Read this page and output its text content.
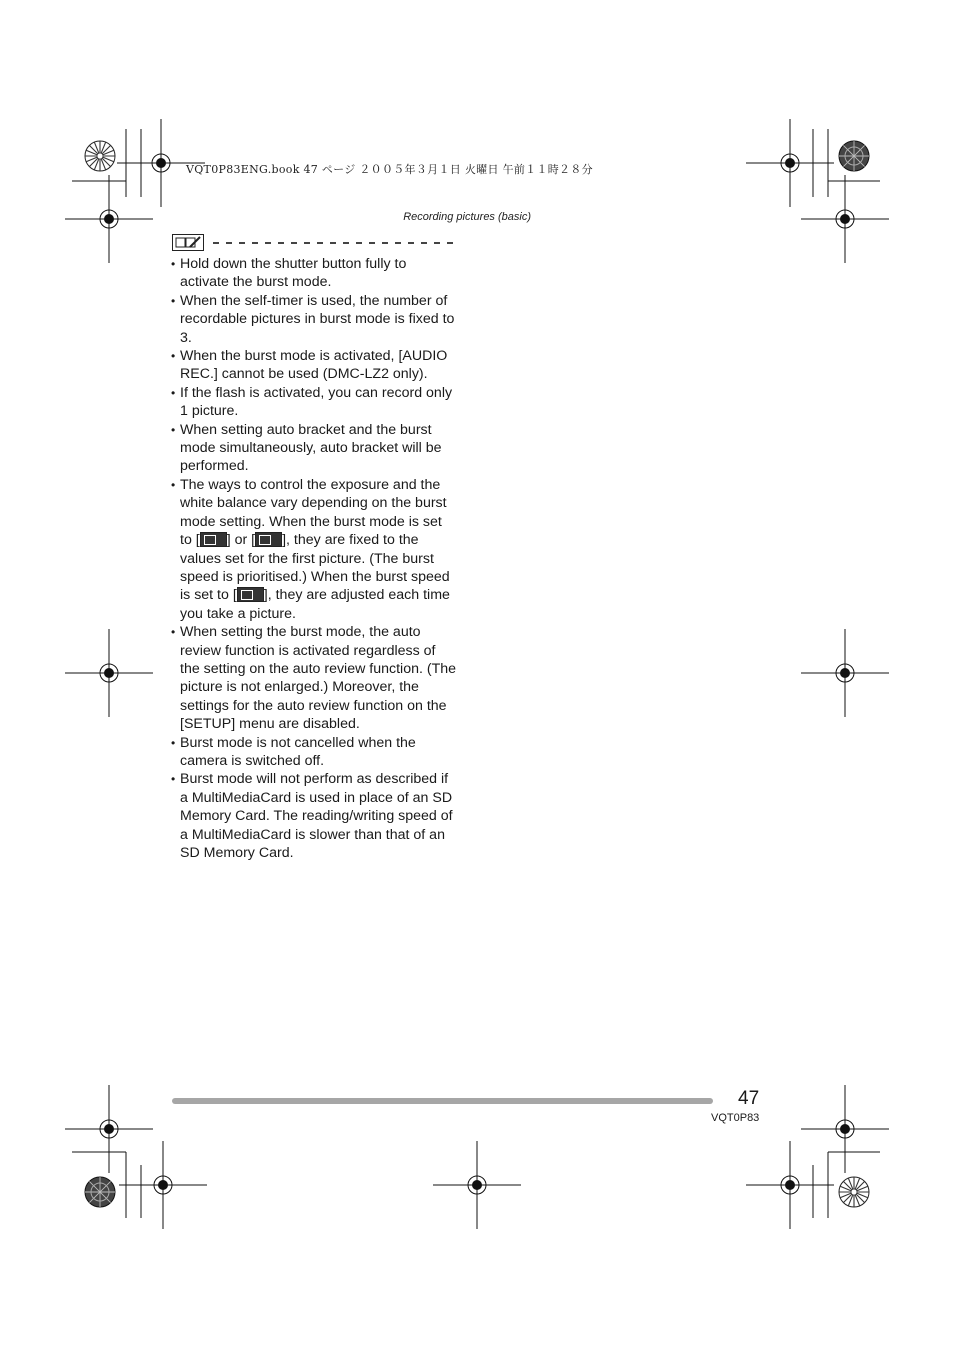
VQT0P83ENG.book 47 ページ ２００５年３月１日 火曜日 午前１１時２８分
Recording pictures (basic)
• Hold down the shutter button fully to activate the burst mode.
• When the self-timer is used, the number of recordable pictures in burst mode is fixed to 3.
• When the burst mode is activated, [AUDIO REC.] cannot be used (DMC-LZ2 only).
• If the flash is activated, you can record only 1 picture.
• When setting auto bracket and the burst mode simultaneously, auto bracket will be performed.
• The ways to control the exposure and the white balance vary depending on the burst mode setting. When the burst mode is set to [ ] or [ ], they are fixed to the values set for the first picture. (The burst speed is prioritised.) When the burst speed is set to [ ], they are adjusted each time you take a picture.
• When setting the burst mode, the auto review function is activated regardless of the setting on the auto review function. (The picture is not enlarged.) Moreover, the settings for the auto review function on the [SETUP] menu are disabled.
• Burst mode is not cancelled when the camera is switched off.
• Burst mode will not perform as described if a MultiMediaCard is used in place of an SD Memory Card. The reading/writing speed of a MultiMediaCard is slower than that of an SD Memory Card.
47
VQT0P83
